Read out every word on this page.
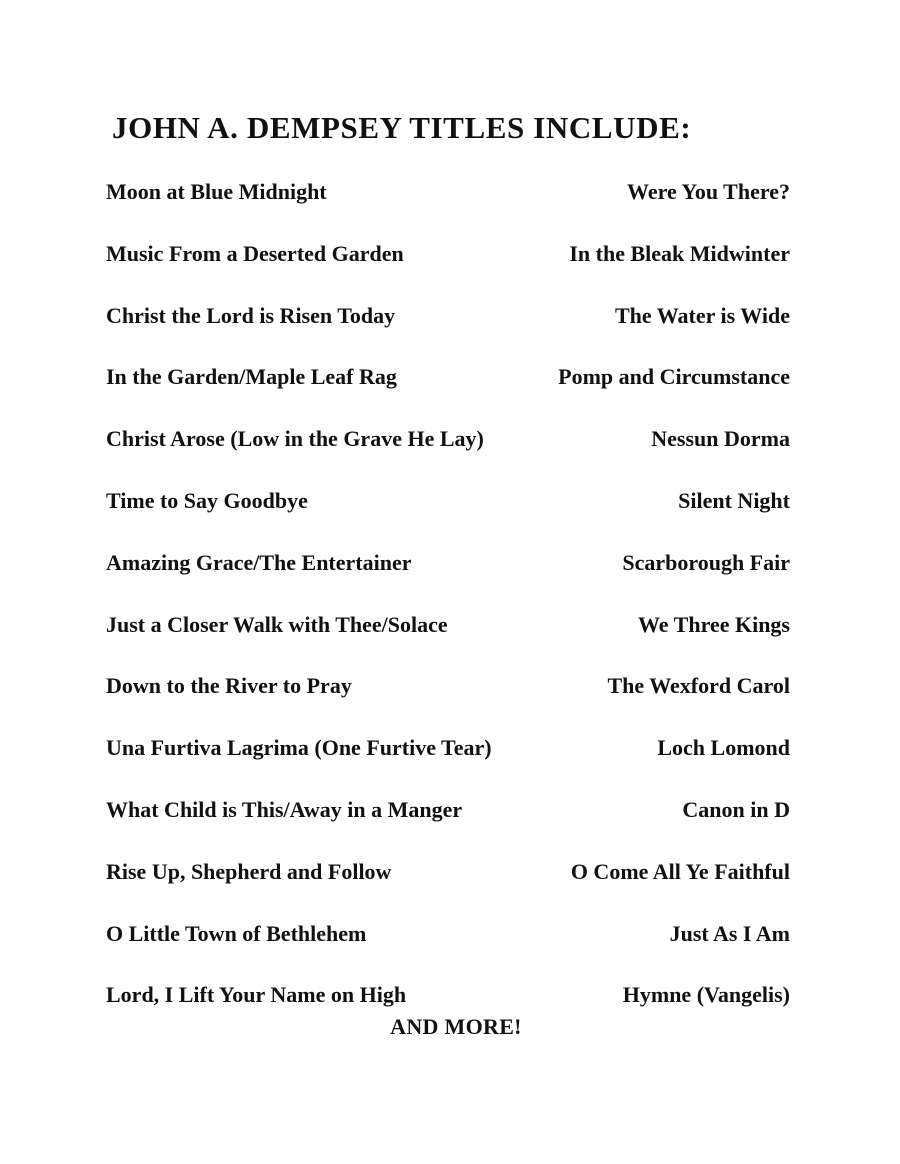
JOHN A. DEMPSEY TITLES INCLUDE:
Moon at Blue Midnight	Were You There?
Music From a Deserted Garden	In the Bleak Midwinter
Christ the Lord is Risen Today	The Water is Wide
In the Garden/Maple Leaf Rag	Pomp and Circumstance
Christ Arose (Low in the Grave He Lay)	Nessun Dorma
Time to Say Goodbye	Silent Night
Amazing Grace/The Entertainer	Scarborough Fair
Just a Closer Walk with Thee/Solace	We Three Kings
Down to the River to Pray	The Wexford Carol
Una Furtiva Lagrima (One Furtive Tear)	Loch Lomond
What Child is This/Away in a Manger	Canon in D
Rise Up, Shepherd and Follow	O Come All Ye Faithful
O Little Town of Bethlehem	Just As I Am
Lord, I Lift Your Name on High	Hymne (Vangelis)
AND MORE!
